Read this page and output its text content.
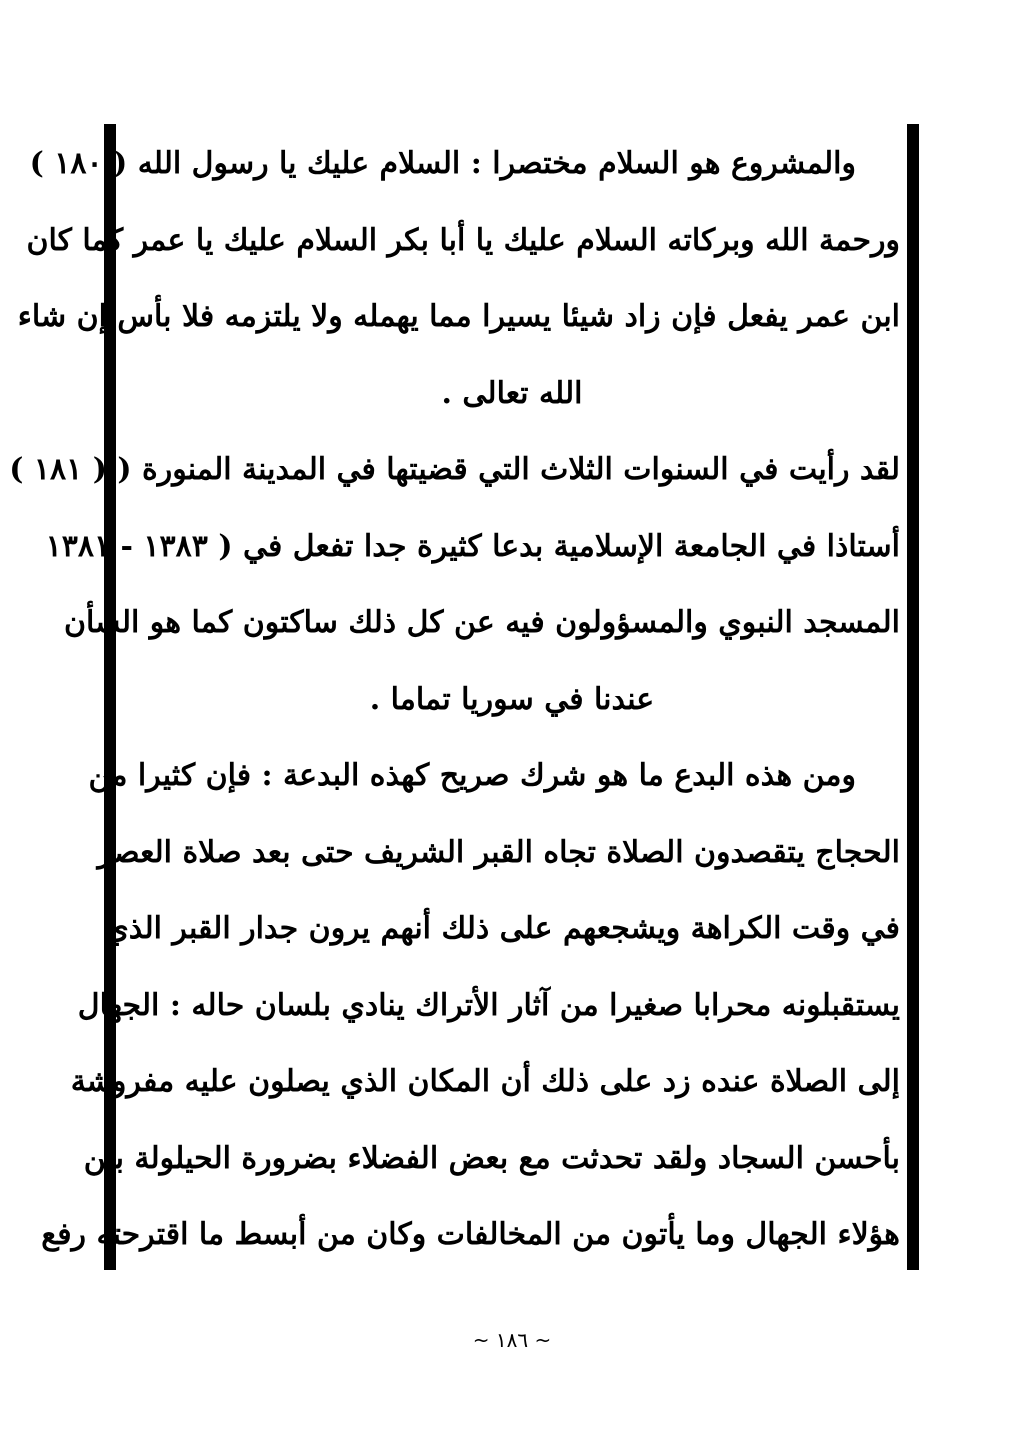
والمشروع هو السلام مختصرا : السلام عليك يا رسول الله ( ١٨٠ )
ورحمة الله وبركاته السلام عليك يا أبا بكر السلام عليك يا عمر كما كان
ابن عمر يفعل فإن زاد شيئا يسيرا مما يهمله ولا يلتزمه فلا بأس إن شاء
الله تعالى .
لقد رأيت في السنوات الثلاث التي قضيتها في المدينة المنورة ( ( ١٨١ )
أستاذا في الجامعة الإسلامية بدعا كثيرة جدا تفعل في ( ١٣٨٣ - ١٣٨١
المسجد النبوي والمسؤولون فيه عن كل ذلك ساكتون كما هو الشأن
عندنا في سوريا تماما .
ومن هذه البدع ما هو شرك صريح كهذه البدعة : فإن كثيرا من
الحجاج يتقصدون الصلاة تجاه القبر الشريف حتى بعد صلاة العصر
في وقت الكراهة ويشجعهم على ذلك أنهم يرون جدار القبر الذي
يستقبلونه محرابا صغيرا من آثار الأتراك ينادي بلسان حاله : الجهال
إلى الصلاة عنده زد على ذلك أن المكان الذي يصلون عليه مفروشة
بأحسن السجاد ولقد تحدثت مع بعض الفضلاء بضرورة الحيلولة بين
هؤلاء الجهال وما يأتون من المخالفات وكان من أبسط ما اقترحته رفع
~ ١٨٦ ~
